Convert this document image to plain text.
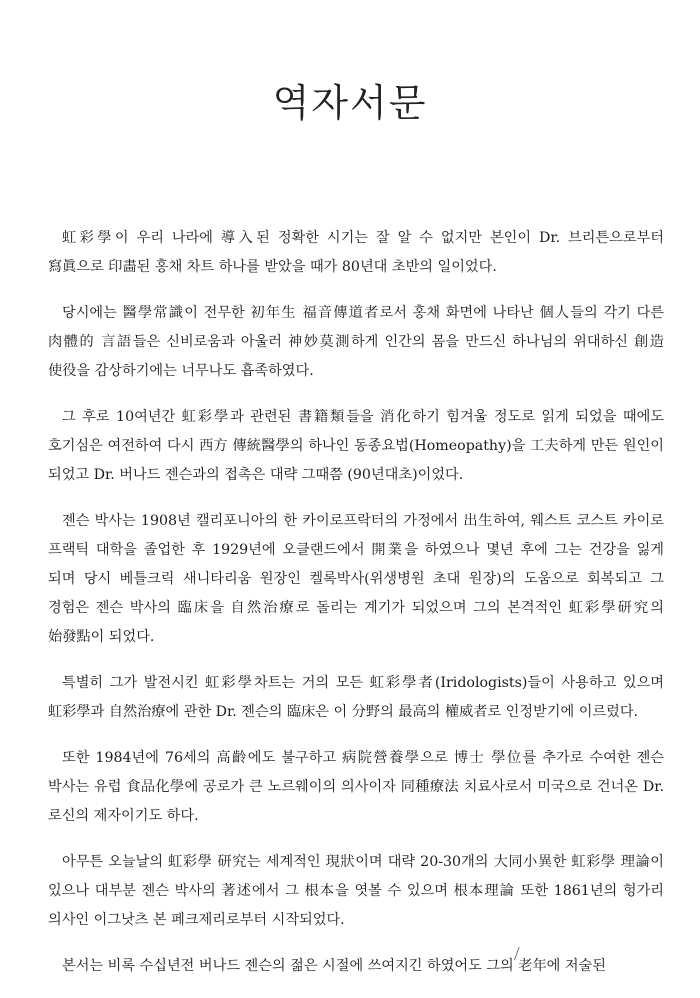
역자서문

虹彩學이 우리 나라에 導入된 정확한 시기는 잘 알 수 없지만 본인이 Dr. 브리튼으로부터 寫眞으로 印畵된 홍채 차트 하나를 받았을 때가 80년대 초반의 일이었다.

당시에는 醫學常識이 전무한 初年生 福音傳道者로서 홍채 화면에 나타난 個人들의 각기 다른 肉體的 言語들은 신비로움과 아울러 神妙莫測하게 인간의 몸을 만드신 하나님의 위대하신 創造 使役을 감상하기에는 너무나도 흡족하였다.

그 후로 10여년간 虹彩學과 관련된 書籍類들을 消化하기 힘겨울 정도로 읽게 되었을 때에도 호기심은 여전하여 다시 西方 傳統醫學의 하나인 동종요법(Homeopathy)을 工夫하게 만든 원인이 되었고 Dr. 버나드 젠슨과의 접촉은 대략 그때쯤 (90년대초)이었다.

젠슨 박사는 1908년 캘리포니아의 한 카이로프락터의 가정에서 出生하여, 웨스트 코스트 카이로 프랙틱 대학을 졸업한 후 1929년에 오클랜드에서 開業을 하였으나 몇년 후에 그는 건강을 잃게 되며 당시 베틀크릭 새니타리움 원장인 켈록박사(위생병원 초대 원장)의 도움으로 회복되고 그 경험은 젠슨 박사의 臨床을 自然治療로 돌리는 계기가 되었으며 그의 본격적인 虹彩學研究의 始發點이 되었다.

특별히 그가 발전시킨 虹彩學차트는 거의 모든 虹彩學者(Iridologists)들이 사용하고 있으며 虹彩學과 自然治療에 관한 Dr. 젠슨의 臨床은 이 分野의 最高의 權威者로 인정받기에 이르렀다.

또한 1984년에 76세의 高齡에도 불구하고 病院營養學으로 博士 學位를 추가로 수여한 젠슨 박사는 유럽 食品化學에 공로가 큰 노르웨이의 의사이자 同種療法 치료사로서 미국으로 건너온 Dr. 로신의 제자이기도 하다.

아무튼 오늘날의 虹彩學 研究는 세계적인 現狀이며 대략 20-30개의 大同小異한 虹彩學 理論이 있으나 대부분 젠슨 박사의 著述에서 그 根本을 엿볼 수 있으며 根本理論 또한 1861년의 헝가리 의사인 이그낫츠 본 페크제리로부터 시작되었다.

본서는 비록 수십년전 버나드 젠슨의 젊은 시절에 쓰여지긴 하였어도 그의 老年에 저술된
